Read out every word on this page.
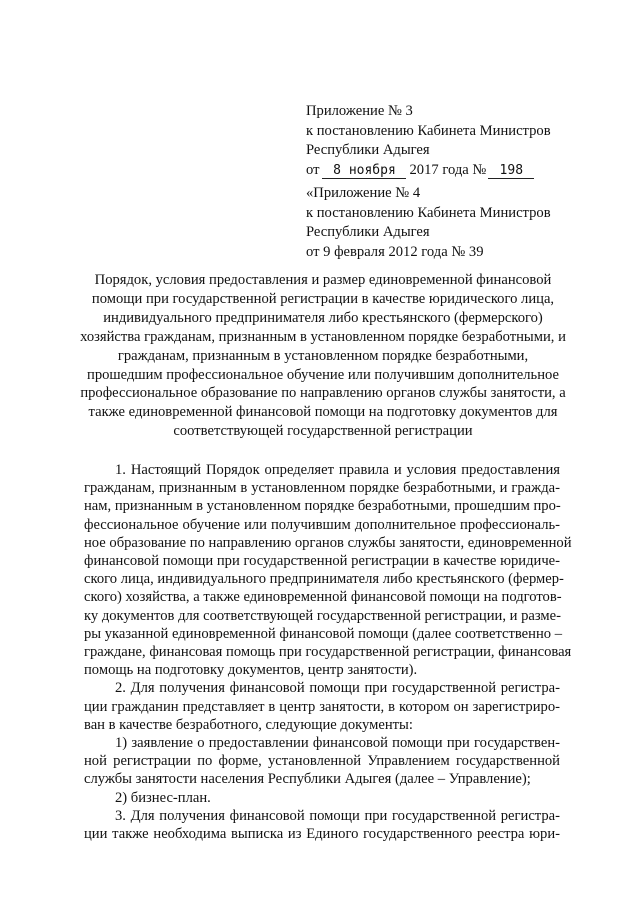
Приложение № 3
к постановлению Кабинета Министров
Республики Адыгея
от 8 ноября 2017 года № 198
«Приложение № 4
к постановлению Кабинета Министров
Республики Адыгея
от 9 февраля 2012 года № 39
Порядок, условия предоставления и размер единовременной финансовой
помощи при государственной регистрации в качестве юридического лица,
индивидуального предпринимателя либо крестьянского (фермерского)
хозяйства гражданам, признанным в установленном порядке безработными, и
гражданам, признанным в установленном порядке безработными,
прошедшим профессиональное обучение или получившим дополнительное
профессиональное образование по направлению органов службы занятости, а
также единовременной финансовой помощи на подготовку документов для
соответствующей государственной регистрации
1. Настоящий Порядок определяет правила и условия предоставления
гражданам, признанным в установленном порядке безработными, и гражда-
нам, признанным в установленном порядке безработными, прошедшим про-
фессиональное обучение или получившим дополнительное профессиональ-
ное образование по направлению органов службы занятости, единовременной
финансовой помощи при государственной регистрации в качестве юридиче-
ского лица, индивидуального предпринимателя либо крестьянского (фермер-
ского) хозяйства, а также единовременной финансовой помощи на подготов-
ку документов для соответствующей государственной регистрации, и разме-
ры указанной единовременной финансовой помощи (далее соответственно –
граждане, финансовая помощь при государственной регистрации, финансовая
помощь на подготовку документов, центр занятости).
2. Для получения финансовой помощи при государственной регистра-
ции гражданин представляет в центр занятости, в котором он зарегистриро-
ван в качестве безработного, следующие документы:
1) заявление о предоставлении финансовой помощи при государствен-
ной регистрации по форме, установленной Управлением государственной
службы занятости населения Республики Адыгея (далее – Управление);
2) бизнес-план.
3. Для получения финансовой помощи при государственной регистра-
ции также необходима выписка из Единого государственного реестра юри-
